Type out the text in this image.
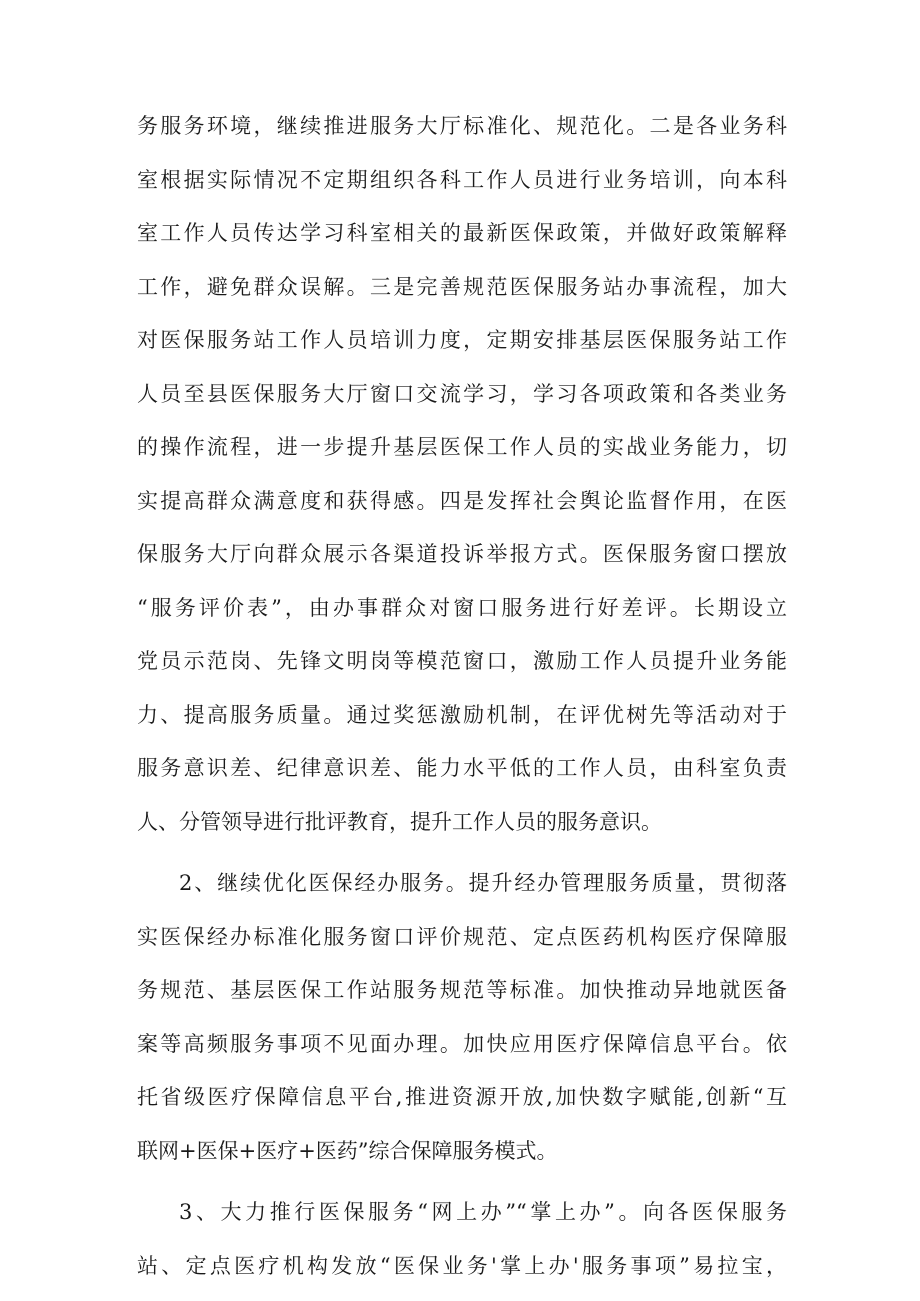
务服务环境，继续推进服务大厅标准化、规范化。二是各业务科
室根据实际情况不定期组织各科工作人员进行业务培训，向本科
室工作人员传达学习科室相关的最新医保政策，并做好政策解释
工作，避免群众误解。三是完善规范医保服务站办事流程，加大
对医保服务站工作人员培训力度，定期安排基层医保服务站工作
人员至县医保服务大厅窗口交流学习，学习各项政策和各类业务
的操作流程，进一步提升基层医保工作人员的实战业务能力，切
实提高群众满意度和获得感。四是发挥社会舆论监督作用，在医
保服务大厅向群众展示各渠道投诉举报方式。医保服务窗口摆放
“服务评价表”，由办事群众对窗口服务进行好差评。长期设立
党员示范岗、先锋文明岗等模范窗口，激励工作人员提升业务能
力、提高服务质量。通过奖惩激励机制，在评优树先等活动对于
服务意识差、纪律意识差、能力水平低的工作人员，由科室负责
人、分管领导进行批评教育，提升工作人员的服务意识。
2、继续优化医保经办服务。提升经办管理服务质量，贯彻落
实医保经办标准化服务窗口评价规范、定点医药机构医疗保障服
务规范、基层医保工作站服务规范等标准。加快推动异地就医备
案等高频服务事项不见面办理。加快应用医疗保障信息平台。依
托省级医疗保障信息平台,推进资源开放,加快数字赋能,创新“互
联网+医保+医疗+医药”综合保障服务模式。
3、大力推行医保服务“网上办”“掌上办”。向各医保服务
站、定点医疗机构发放“医保业务'掌上办'服务事项”易拉宝，
